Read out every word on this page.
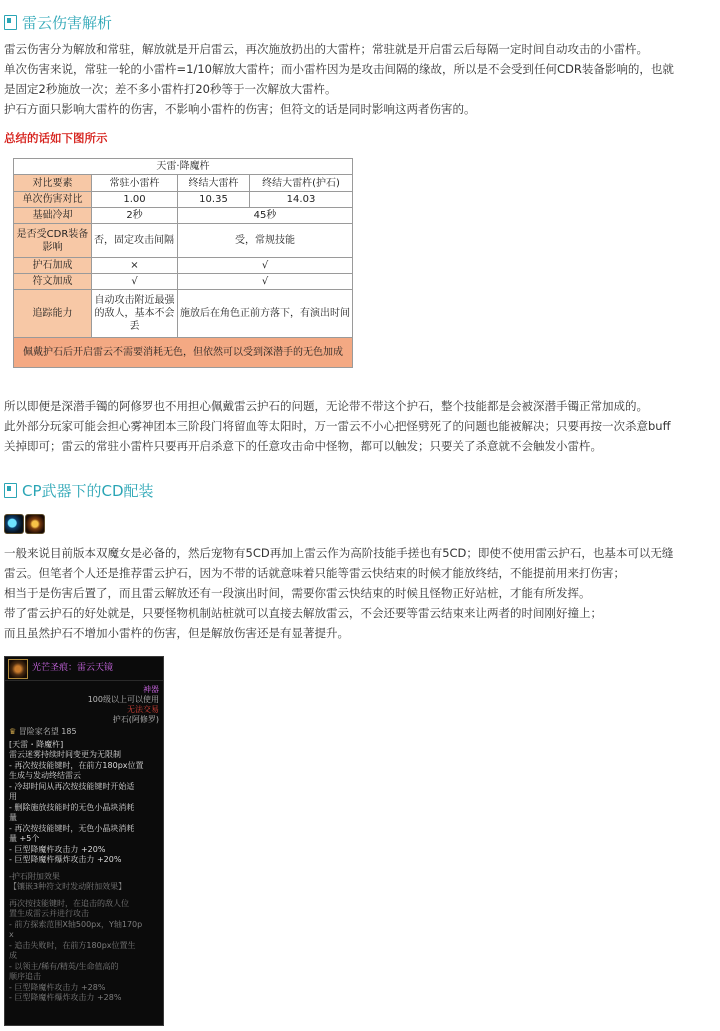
雷云伤害解析

雷云伤害分为解放和常驻，解放就是开启雷云，再次施放扔出的大雷杵；常驻就是开启雷云后每隔一定时间自动攻击的小雷杵。

单次伤害来说，常驻一轮的小雷杵=1/10解放大雷杵；而小雷杵因为是攻击间隔的缘故，所以是不会受到任何CDR装备影响的，也就

是固定2秒施放一次；差不多小雷杵打20秒等于一次解放大雷杵。

护石方面只影响大雷杵的伤害，不影响小雷杵的伤害；但符文的话是同时影响这两者伤害的。

总结的话如下图所示
天雷·降魔杵			
对比要素	常驻小雷杵	终结大雷杵	终结大雷杵(护石)
单次伤害对比	1.00	10.35	14.03
基础冷却	2秒	45秒	
是否受CDR装备影响	否，固定攻击间隔	受，常规技能	
护石加成	×	√	
符文加成	√	√	
追踪能力	自动攻击附近最强的敌人，基本不会丢	施放后在角色正前方落下，有演出时间	
佩戴护石后开启雷云不需要消耗无色，但依然可以受到深潜手的无色加成			

所以即便是深潜手镯的阿修罗也不用担心佩戴雷云护石的问题，无论带不带这个护石，整个技能都是会被深潜手镯正常加成的。

此外部分玩家可能会担心雾神团本三阶段门将留血等太阳时，万一雷云不小心把怪劈死了的问题也能被解决；只要再按一次杀意buff

关掉即可；雷云的常驻小雷杵只要再开启杀意下的任意攻击命中怪物，都可以触发；只要关了杀意就不会触发小雷杵。

CP武器下的CD配装

一般来说目前版本双魔女是必备的，然后宠物有5CD再加上雷云作为高阶技能手搓也有5CD；即使不使用雷云护石，也基本可以无缝

雷云。但笔者个人还是推荐雷云护石，因为不带的话就意味着只能等雷云快结束的时候才能放终结，不能提前用来打伤害；

相当于是伤害后置了，而且雷云解放还有一段演出时间，需要你雷云快结束的时候且怪物正好站桩，才能有所发挥。

带了雷云护石的好处就是，只要怪物机制站桩就可以直接去解放雷云，不会还要等雷云结束来让两者的时间刚好撞上；

而且虽然护石不增加小雷杵的伤害，但是解放伤害还是有显著提升。

光芒圣痕：雷云天镜
神器
100级以上可以使用
无法交易
护石(阿修罗)
♛ 冒险家名望 185
[天雷・降魔杵]
雷云迷雾持续时间变更为无限制
- 再次按技能键时，在前方180px位置
生成与发动终结雷云
- 冷却时间从再次按技能键时开始适
用
- 删除施放技能时的无色小晶块消耗
量
- 再次按技能键时，无色小晶块消耗
量 +5个
- 巨型降魔杵攻击力 +20%
- 巨型降魔杵爆炸攻击力 +20%
-护石附加效果
【镶嵌3种符文时发动附加效果】
再次按技能键时，在追击的敌人位
置生成雷云并进行攻击
- 前方探索范围X轴500px，Y轴170p
x
- 追击失败时，在前方180px位置生
成
- 以领主/稀有/精英/生命值高的
顺序追击
- 巨型降魔杵攻击力 +28%
- 巨型降魔杵爆炸攻击力 +28%
